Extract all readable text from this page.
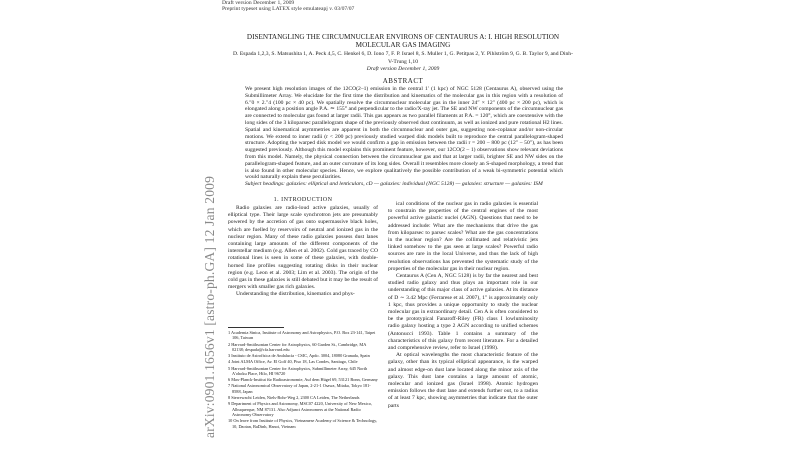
Draft version December 1, 2009
Preprint typeset using LATEX style emulateapj v. 03/07/07
arXiv:0901.1656v1 [astro-ph.GA] 12 Jan 2009
DISENTANGLING THE CIRCUMNUCLEAR ENVIRONS OF CENTAURUS A: I. HIGH RESOLUTION MOLECULAR GAS IMAGING
D. Espada 1,2,3, S. Matsushita 1, A. Peck 4,5, C. Henkel 6, D. Iono 7, F. P. Israel 8, S. Muller 1, G. Petitpas 2, Y. Pihlström 9, G. B. Taylor 9, and Dinh-V-Trung 1,10
Draft version December 1, 2009
ABSTRACT
We present high resolution images of the 12CO(2–1) emission in the central 1′ (1 kpc) of NGC 5128 (Centaurus A), observed using the Submillimeter Array. We elucidate for the first time the distribution and kinematics of the molecular gas in this region with a resolution of 6.″0 × 2.″4 (100 pc × 40 pc). We spatially resolve the circumnuclear molecular gas in the inner 24″ × 12″ (400 pc × 200 pc), which is elongated along a position angle P.A. ≃ 155° and perpendicular to the radio/X-ray jet. The SE and NW components of the circumnuclear gas are connected to molecular gas found at larger radii. This gas appears as two parallel filaments at P.A. = 120°, which are coextensive with the long sides of the 3 kiloparsec parallelogram shape of the previously observed dust continuum, as well as ionized and pure rotational H2 lines. Spatial and kinematical asymmetries are apparent in both the circumnuclear and outer gas, suggesting non-coplanar and/or non-circular motions. We extend to inner radii (r < 200 pc) previously studied warped disk models built to reproduce the central parallelogram-shaped structure. Adopting the warped disk model we would confirm a gap in emission between the radii r = 200 – 800 pc (12″ – 50″), as has been suggested previously. Although this model explains this prominent feature, however, our 12CO(2 – 1) observations show relevant deviations from this model. Namely, the physical connection between the circumnuclear gas and that at larger radii, brighter SE and NW sides on the parallelogram-shaped feature, and an outer curvature of its long sides. Overall it resembles more closely an S-shaped morphology, a trend that is also found in other molecular species. Hence, we explore qualitatively the possible contribution of a weak bi-symmetric potential which would naturally explain these peculiarities.
Subject headings: galaxies: elliptical and lenticulars, cD — galaxies: individual (NGC 5128) — galaxies: structure — galaxies: ISM
1. INTRODUCTION

Radio galaxies are radio-loud active galaxies, usually of elliptical type. Their large scale synchrotron jets are presumably powered by the accretion of gas onto supermassive black holes, which are fuelled by reservoirs of neutral and ionized gas in the nuclear region. Many of these radio galaxies possess dust lanes containing large amounts of the different components of the interstellar medium (e.g. Allen et al. 2002). Cold gas traced by CO rotational lines is seen in some of these galaxies, with double-horned line profiles suggesting rotating disks in their nuclear region (e.g. Leon et al. 2003; Lim et al. 2003). The origin of the cold gas in these galaxies is still debated but it may be the result of mergers with smaller gas rich galaxies.

Understanding the distribution, kinematics and phys-

1 Academia Sinica, Institute of Astronomy and Astrophysics, P.O. Box 23-141, Taipei 106, Taiwan
2 Harvard-Smithsonian Center for Astrophysics, 60 Garden St., Cambridge, MA 02138; despada@cfa.harvard.edu
3 Instituto de Astrofísica de Andalucía - CSIC, Apdo. 3004, 18080 Granada, Spain
4 Joint ALMA Office, Av. El Golf 40, Piso 18, Las Condes, Santiago, Chile
5 Harvard-Smithsonian Center for Astrophysics, Submillimeter Array, 645 North A'ohoku Place, Hilo, HI 96720
6 Max-Planck-Institut für Radioastronomie, Auf dem Hügel 69, 53121 Bonn, Germany
7 National Astronomical Observatory of Japan, 2-21-1 Osawa, Mitaka, Tokyo 181-8588, Japan
8 Sterrewacht Leiden, Niels-Bohr-Weg 2, 2300 CA Leiden, The Netherlands
9 Department of Physics and Astronomy, MSC07 4220, University of New Mexico, Albuquerque, NM 87131. Also Adjunct Astronomers at the National Radio Astronomy Observatory
10 On leave from Institute of Physics, Vietnamese Academy of Science & Technology, 10, Daotan, BaDinh, Hanoi, Vietnam

ical conditions of the nuclear gas in radio galaxies is essential to constrain the properties of the central engines of the most powerful active galactic nuclei (AGN). Questions that need to be addressed include: What are the mechanisms that drive the gas from kiloparsec to parsec scales? What are the gas concentrations in the nuclear region? Are the collimated and relativistic jets linked somehow to the gas seen at large scales? Powerful radio sources are rare in the local Universe, and thus the lack of high resolution observations has prevented the systematic study of the properties of the molecular gas in their nuclear region.

Centaurus A (Cen A, NGC 5128) is by far the nearest and best studied radio galaxy and thus plays an important role in our understanding of this major class of active galaxies. At its distance of D ∼ 3.42 Mpc (Ferrarese et al. 2007), 1″ is approximately only 1 kpc, thus provides a unique opportunity to study the nuclear molecular gas in extraordinary detail. Cen A is often considered to be the prototypical Fanaroff-Riley (FR) class I lowluminosity radio galaxy hosting a type 2 AGN according to unified schemes (Antonucci 1993). Table 1 contains a summary of the characteristics of this galaxy from recent literature. For a detailed and comprehensive review, refer to Israel (1998).

At optical wavelengths the most characteristic feature of the galaxy, other than its typical elliptical appearance, is the warped and almost edge-on dust lane located along the minor axis of the galaxy. This dust lane contains a large amount of atomic, molecular and ionized gas (Israel 1998). Atomic hydrogen emission follows the dust lane and extends further out, to a radius of at least 7 kpc, showing asymmetries that indicate that the outer parts
